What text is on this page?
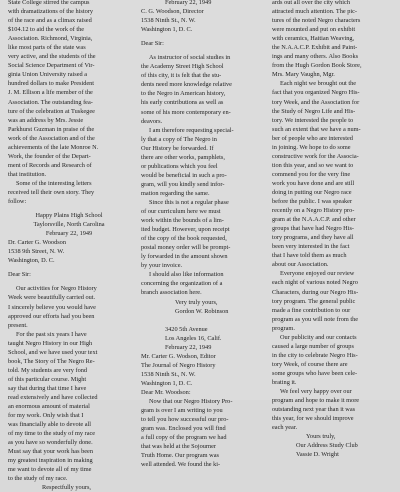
State College stirred the campus
with dramatizations of the history
of the race and as a climax raised
$104.12 to aid the work of the
Association. Richmond, Virginia,
like most parts of the state was
very active, and the students of the
Social Science Department of Vir-
ginia Union University raised a
hundred dollars to make President
J. M. Ellison a life member of the
Association. The outstanding fea-
ture of the celebration at Tuskegee
was an address by Mrs. Jessie
Parkhurst Guzman in praise of the
work of the Association and of the
achievements of the late Monroe N.
Work, the founder of the Depart-
ment of Records and Research of
that institution.
Some of the interesting letters
received tell their own story. They
follow:
Happy Plains High School
Taylorsville, North Carolina
February 22, 1949
Dr. Carter G. Woodson
1538 9th Street, N. W.
Washington, D. C.
Dear Sir:
Our activities for Negro History
Week were beautifully carried out.
I sincerely believe you would have
approved our efforts had you been
present.
For the past six years I have
taught Negro History in our High
School, and we have used your text
book, The Story of The Negro Re-
told. My students are very fond
of this particular course. Might
say that during that time I have
read extensively and have collected
an enormous amount of material
for my work. Only wish that I
was financially able to devote all
of my time to the study of my race
as you have so wonderfully done.
Must say that your work has been
my greatest inspiration in making
me want to devote all of my time
to the study of my race.
Respectfully yours,
February 22, 1949
C. G. Woodson, Director
1538 Ninth St., N. W.
Washington 1, D. C.
Dear Sir:
As instructor of social studies in
the Academy Street High School
of this city, it is felt that the stu-
dents need more knowledge relative
to the Negro in American history,
his early contributions as well as
some of his more contemporary en-
deavors.
I am therefore requesting special-
ly that a copy of The Negro in
Our History be forwarded. If
there are other works, pamphlets,
or publications which you feel
would be beneficial in such a pro-
gram, will you kindly send infor-
mation regarding the same.
Since this is not a regular phase
of our curriculum here we must
work within the bounds of a lim-
ited budget. However, upon receipt
of the copy of the book requested,
postal money order will be prompt-
ly forwarded in the amount shown
by your invoice.
I should also like information
concerning the organization of a
branch association here.
Very truly yours,
Gordon W. Robinson
3420 5th Avenue
Los Angeles 16, Calif.
February 22, 1949
Mr. Carter G. Wodson, Editor
The Journal of Negro History
1538 Ninth St., N. W.
Washington 1, D. C.
Dear Mr. Woodson:
Now that our Negro History Pro-
gram is over I am writing to you
to tell you how successful our pro-
gram was. Enclosed you will find
a full copy of the program we had
that was held at the Sojourner
Truth Home. Our program was
well attended. We found the ki-
ards out all over the city which
attracted much attention. The pic-
tures of the noted Negro characters
were mounted and put on exhibit
with ceramics, Haitian Weaving,
the N.A.A.C.P. Exhibit and Paint-
ings and many others. Also Books
from the Hugh Gordon Book Store,
Mrs. Mary Vaughn, Mgr.
Each night we brought out the
fact that you organized Negro His-
tory Week, and the Association for
the Study of Negro Life and His-
tory. We interested the people to
such an extent that we have a num-
ber of people who are interested
in joining. We hope to do some
constructive work for the Associa-
tion this year, and so we want to
commend you for the very fine
work you have done and are still
doing in putting our Negro race
before the public. I was speaker
recently on a Negro History pro-
gram at the N.A.A.C.P. and other
groups that have had Negro His-
tory programs, and they have all
been very interested in the fact
that I have told them as much
about our Association.
Everyone enjoyed our review
each night of various noted Negro
Characters, during our Negro His-
tory program. The general public
made a fine contribution to our
program as you will note from the
program.
Our publicity and our contacts
caused a large number of groups
in the city to celebrate Negro His-
tory Week, of course there are
some groups who have been cele-
brating it.
We feel very happy over our
program and hope to make it more
outstanding next year than it was
this year, for we should improve
each year.
Yours truly,
Our Address Study Club
Vassie D. Wright
